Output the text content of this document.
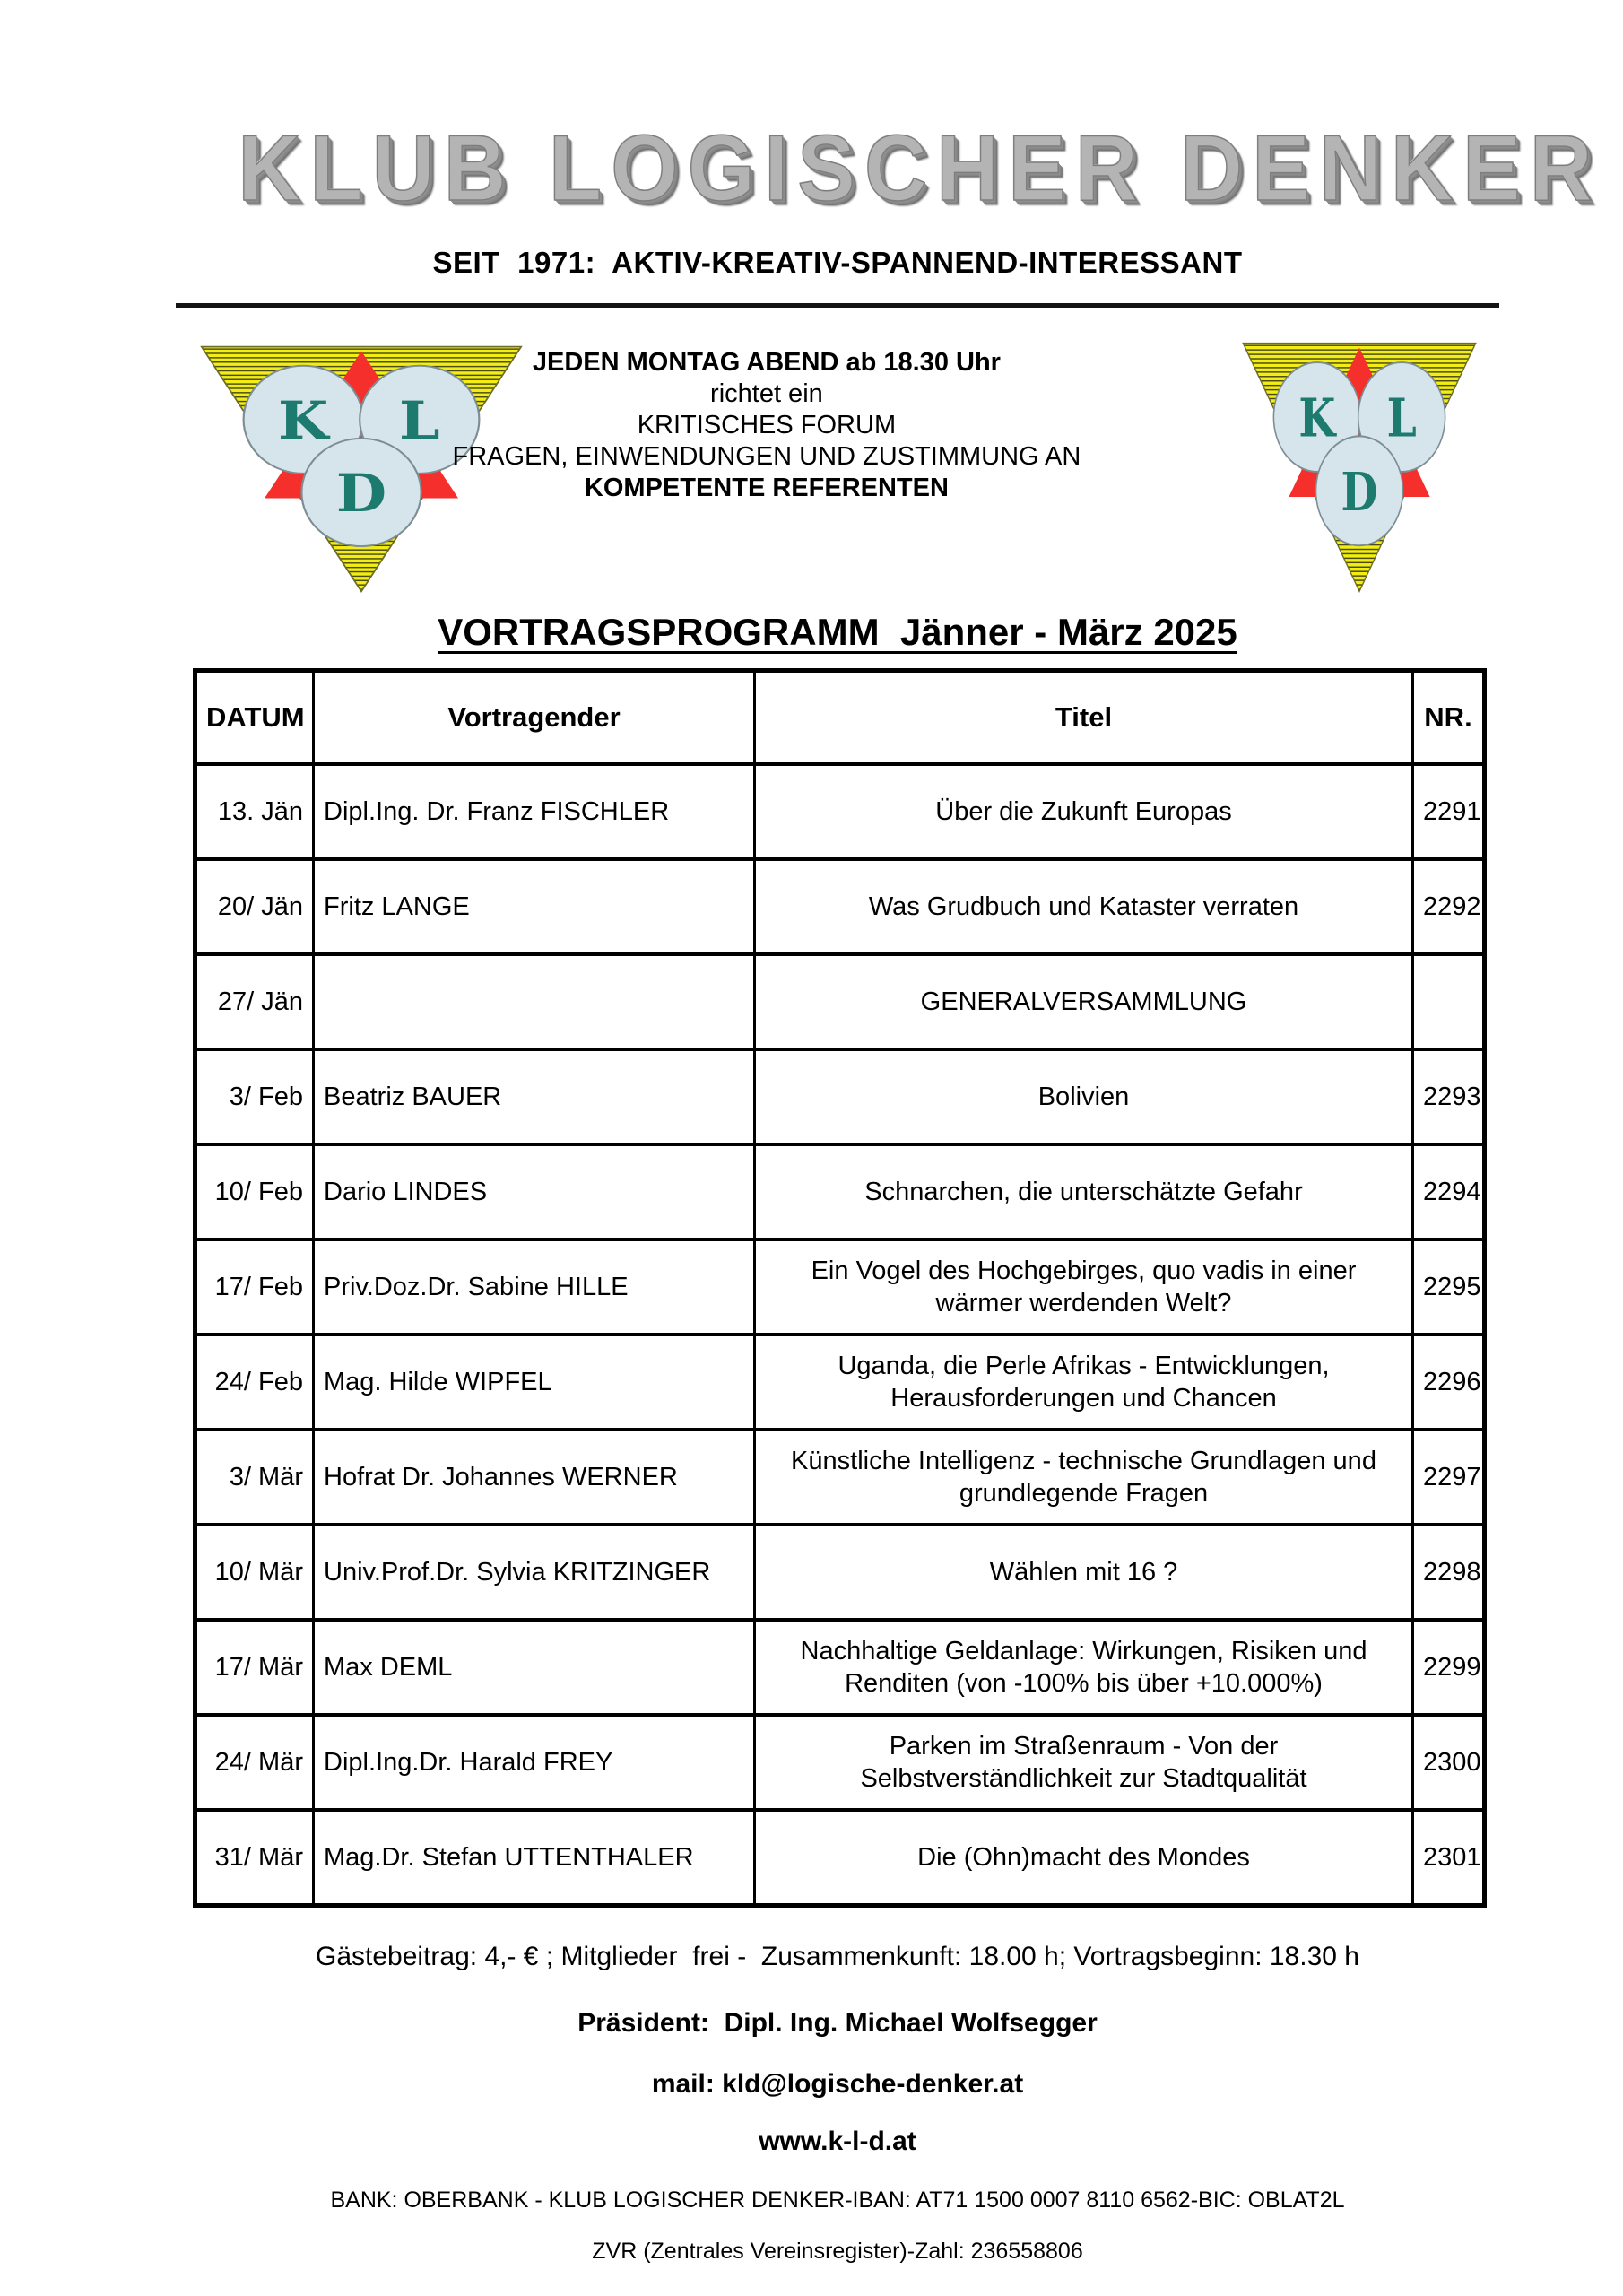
KLUB LOGISCHER DENKER
SEIT  1971:  AKTIV-KREATIV-SPANNEND-INTERESSANT
K L
D
JEDEN MONTAG ABEND ab 18.30 Uhr
richtet ein
KRITISCHES FORUM
FRAGEN, EINWENDUNGEN UND ZUSTIMMUNG AN
KOMPETENTE REFERENTEN
K L
D
VORTRAGSPROGRAMM  Jänner - März 2025
DATUM	Vortragender	Titel	NR.
13. Jän	Dipl.Ing. Dr. Franz FISCHLER	Über die Zukunft Europas	2291
20/ Jän	Fritz LANGE	Was Grudbuch und Kataster verraten	2292
27/ Jän		GENERALVERSAMMLUNG	
3/ Feb	Beatriz BAUER	Bolivien	2293
10/ Feb	Dario LINDES	Schnarchen, die unterschätzte Gefahr	2294
17/ Feb	Priv.Doz.Dr. Sabine HILLE	Ein Vogel des Hochgebirges, quo vadis in einer wärmer werdenden Welt?	2295
24/ Feb	Mag. Hilde WIPFEL	Uganda, die Perle Afrikas - Entwicklungen, Herausforderungen und Chancen	2296
3/ Mär	Hofrat Dr. Johannes WERNER	Künstliche Intelligenz - technische Grundlagen und grundlegende Fragen	2297
10/ Mär	Univ.Prof.Dr. Sylvia KRITZINGER	Wählen mit 16 ?	2298
17/ Mär	Max DEML	Nachhaltige Geldanlage: Wirkungen, Risiken und Renditen (von -100% bis über +10.000%)	2299
24/ Mär	Dipl.Ing.Dr. Harald FREY	Parken im Straßenraum - Von der Selbstverständlichkeit zur Stadtqualität	2300
31/ Mär	Mag.Dr. Stefan UTTENTHALER	Die (Ohn)macht des Mondes	2301
Gästebeitrag: 4,- € ; Mitglieder  frei -  Zusammenkunft: 18.00 h; Vortragsbeginn: 18.30 h
Präsident:  Dipl. Ing. Michael Wolfsegger
mail: kld@logische-denker.at
www.k-l-d.at
BANK: OBERBANK - KLUB LOGISCHER DENKER-IBAN: AT71 1500 0007 8110 6562-BIC: OBLAT2L
ZVR (Zentrales Vereinsregister)-Zahl: 236558806
